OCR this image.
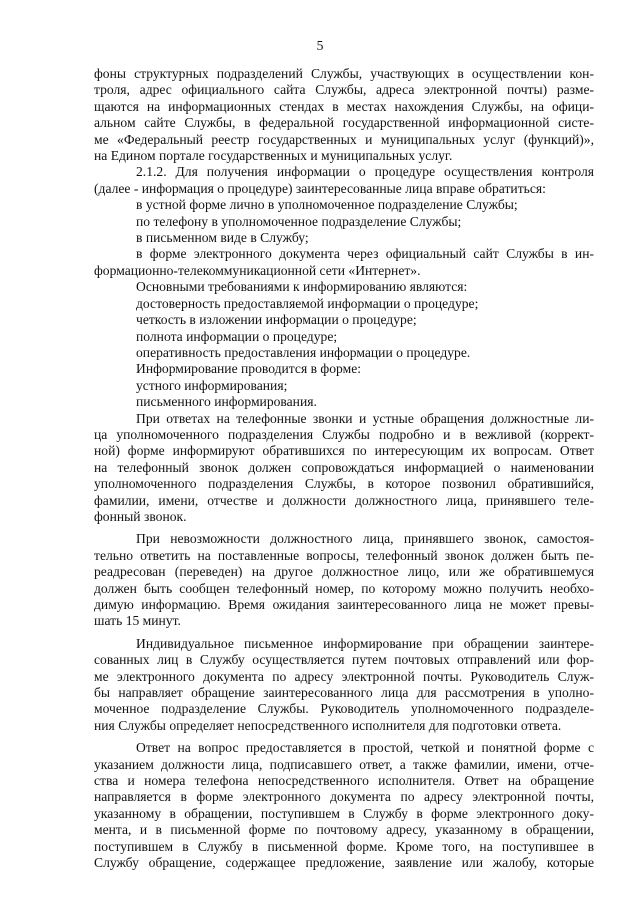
5
фоны структурных подразделений Службы, участвующих в осуществлении кон-
троля, адрес официального сайта Службы, адреса электронной почты) разме-
щаются на информационных стендах в местах нахождения Службы, на офици-
альном сайте Службы, в федеральной государственной информационной систе-
ме «Федеральный реестр государственных и муниципальных услуг (функций)»,
на Едином портале государственных и муниципальных услуг.
2.1.2. Для получения информации о процедуре осуществления контроля
(далее - информация о процедуре) заинтересованные лица вправе обратиться:
в устной форме лично в уполномоченное подразделение Службы;
по телефону в уполномоченное подразделение Службы;
в письменном виде в Службу;
в форме электронного документа через официальный сайт Службы в ин-
формационно-телекоммуникационной сети «Интернет».
Основными требованиями к информированию являются:
достоверность предоставляемой информации о процедуре;
четкость в изложении информации о процедуре;
полнота информации о процедуре;
оперативность предоставления информации о процедуре.
Информирование проводится в форме:
устного информирования;
письменного информирования.
При ответах на телефонные звонки и устные обращения должностные ли-
ца уполномоченного подразделения Службы подробно и в вежливой (коррект-
ной) форме информируют обратившихся по интересующим их вопросам. Ответ
на телефонный звонок должен сопровождаться информацией о наименовании
уполномоченного подразделения Службы, в которое позвонил обратившийся,
фамилии, имени, отчестве и должности должностного лица, принявшего теле-
фонный звонок.
При невозможности должностного лица, принявшего звонок, самостоя-
тельно ответить на поставленные вопросы, телефонный звонок должен быть пе-
реадресован (переведен) на другое должностное лицо, или же обратившемуся
должен быть сообщен телефонный номер, по которому можно получить необхо-
димую информацию. Время ожидания заинтересованного лица не может превы-
шать 15 минут.
Индивидуальное письменное информирование при обращении заинтере-
сованных лиц в Службу осуществляется путем почтовых отправлений или фор-
ме электронного документа по адресу электронной почты. Руководитель Служ-
бы направляет обращение заинтересованного лица для рассмотрения в уполно-
моченное подразделение Службы. Руководитель уполномоченного подразделе-
ния Службы определяет непосредственного исполнителя для подготовки ответа.
Ответ на вопрос предоставляется в простой, четкой и понятной форме с
указанием должности лица, подписавшего ответ, а также фамилии, имени, отче-
ства и номера телефона непосредственного исполнителя. Ответ на обращение
направляется в форме электронного документа по адресу электронной почты,
указанному в обращении, поступившем в Службу в форме электронного доку-
мента, и в письменной форме по почтовому адресу, указанному в обращении,
поступившем в Службу в письменной форме. Кроме того, на поступившее в
Службу обращение, содержащее предложение, заявление или жалобу, которые
